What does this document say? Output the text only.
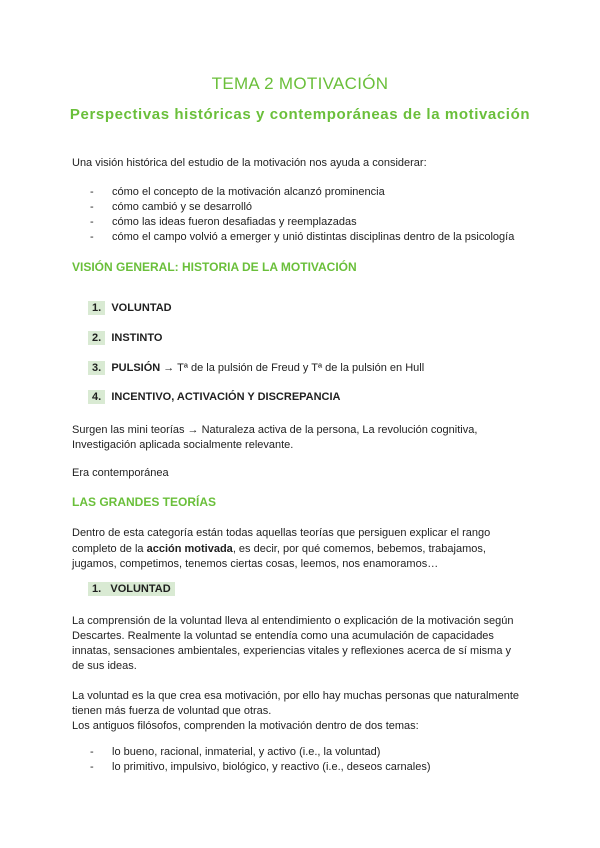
TEMA 2 MOTIVACIÓN
Perspectivas históricas y contemporáneas de la motivación
Una visión histórica del estudio de la motivación nos ayuda a considerar:
- cómo el concepto de la motivación alcanzó prominencia
- cómo cambió y se desarrolló
- cómo las ideas fueron desafiadas y reemplazadas
- cómo el campo volvió a emerger y unió distintas disciplinas dentro de la psicología
VISIÓN GENERAL: HISTORIA DE LA MOTIVACIÓN
1. VOLUNTAD
2. INSTINTO
3. PULSIÓN → Tª de la pulsión de Freud y Tª de la pulsión en Hull
4. INCENTIVO, ACTIVACIÓN Y DISCREPANCIA
Surgen las mini teorías → Naturaleza activa de la persona, La revolución cognitiva,
Investigación aplicada socialmente relevante.
Era contemporánea
LAS GRANDES TEORÍAS
Dentro de esta categoría están todas aquellas teorías que persiguen explicar el rango
completo de la acción motivada, es decir, por qué comemos, bebemos, trabajamos,
jugamos, competimos, tenemos ciertas cosas, leemos, nos enamoramos…
1. VOLUNTAD
La comprensión de la voluntad lleva al entendimiento o explicación de la motivación según
Descartes. Realmente la voluntad se entendía como una acumulación de capacidades
innatas, sensaciones ambientales, experiencias vitales y reflexiones acerca de sí misma y
de sus ideas.
La voluntad es la que crea esa motivación, por ello hay muchas personas que naturalmente
tienen más fuerza de voluntad que otras.
Los antiguos filósofos, comprenden la motivación dentro de dos temas:
- lo bueno, racional, inmaterial, y activo (i.e., la voluntad)
- lo primitivo, impulsivo, biológico, y reactivo (i.e., deseos carnales)
